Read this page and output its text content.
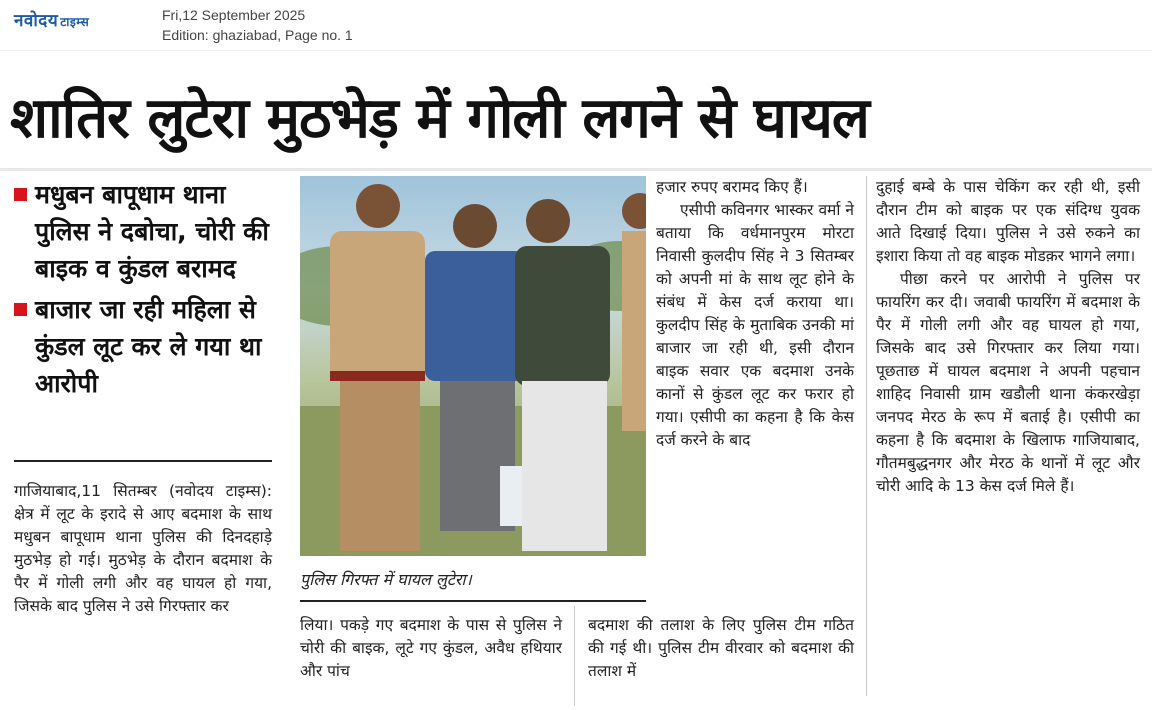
नवोदय टाइम्स	Fri,12 September 2025
Edition: ghaziabad, Page no. 1
शातिर लुटेरा मुठभेड़ में गोली लगने से घायल
मधुबन बापूधाम थाना पुलिस ने दबोचा, चोरी की बाइक व कुंडल बरामद
बाजार जा रही महिला से कुंडल लूट कर ले गया था आरोपी

गाजियाबाद,11 सितम्बर (नवोदय टाइम्स): क्षेत्र में लूट के इरादे से आए बदमाश के साथ मधुबन बापूधाम थाना पुलिस की दिनदहाड़े मुठभेड़ हो गई। मुठभेड़ के दौरान बदमाश के पैर में गोली लगी और वह घायल हो गया, जिसके बाद पुलिस ने उसे गिरफ्तार कर

पुलिस गिरफ्त में घायल लुटेरा।

लिया। पकड़े गए बदमाश के पास से पुलिस ने चोरी की बाइक, लूटे गए कुंडल, अवैध हथियार और पांच

हजार रुपए बरामद किए हैं।

एसीपी कविनगर भास्कर वर्मा ने बताया कि वर्धमानपुरम मोरटा निवासी कुलदीप सिंह ने 3 सितम्बर को अपनी मां के साथ लूट होने के संबंध में केस दर्ज कराया था। कुलदीप सिंह के मुताबिक उनकी मां बाजार जा रही थी, इसी दौरान बाइक सवार एक बदमाश उनके कानों से कुंडल लूट कर फरार हो गया। एसीपी का कहना है कि केस दर्ज करने के बाद

बदमाश की तलाश के लिए पुलिस टीम गठित की गई थी। पुलिस टीम वीरवार को बदमाश की तलाश में

दुहाई बम्बे के पास चेकिंग कर रही थी, इसी दौरान टीम को बाइक पर एक संदिग्ध युवक आते दिखाई दिया। पुलिस ने उसे रुकने का इशारा किया तो वह बाइक मोडक़र भागने लगा।

पीछा करने पर आरोपी ने पुलिस पर फायरिंग कर दी। जवाबी फायरिंग में बदमाश के पैर में गोली लगी और वह घायल हो गया, जिसके बाद उसे गिरफ्तार कर लिया गया। पूछताछ में घायल बदमाश ने अपनी पहचान शाहिद निवासी ग्राम खडौली थाना कंकरखेड़ा जनपद मेरठ के रूप में बताई है। एसीपी का कहना है कि बदमाश के खिलाफ गाजियाबाद, गौतमबुद्धनगर और मेरठ के थानों में लूट और चोरी आदि के 13 केस दर्ज मिले हैं।
